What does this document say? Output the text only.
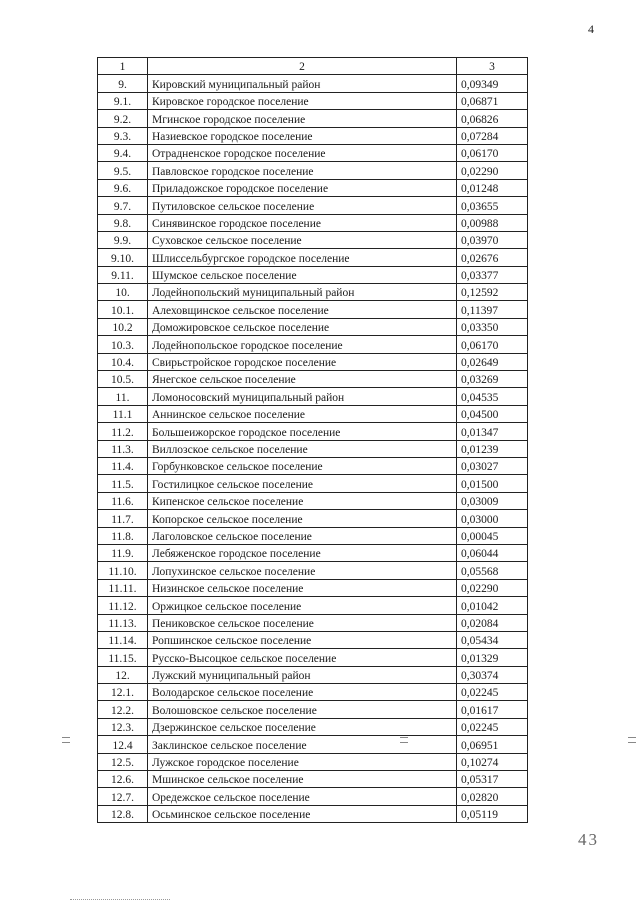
4
1	2	3
9.	Кировский муниципальный район	0,09349
9.1.	Кировское городское поселение	0,06871
9.2.	Мгинское городское поселение	0,06826
9.3.	Назиевское городское поселение	0,07284
9.4.	Отрадненское городское поселение	0,06170
9.5.	Павловское городское поселение	0,02290
9.6.	Приладожское городское поселение	0,01248
9.7.	Путиловское сельское поселение	0,03655
9.8.	Синявинское городское поселение	0,00988
9.9.	Суховское сельское поселение	0,03970
9.10.	Шлиссельбургское городское поселение	0,02676
9.11.	Шумское сельское поселение	0,03377
10.	Лодейнопольский муниципальный район	0,12592
10.1.	Алеховщинское сельское поселение	0,11397
10.2	Доможировское сельское поселение	0,03350
10.3.	Лодейнопольское городское поселение	0,06170
10.4.	Свирьстройское городское поселение	0,02649
10.5.	Янегское сельское поселение	0,03269
11.	Ломоносовский муниципальный район	0,04535
11.1	Аннинское сельское поселение	0,04500
11.2.	Большеижорское городское поселение	0,01347
11.3.	Виллозское сельское поселение	0,01239
11.4.	Горбунковское сельское поселение	0,03027
11.5.	Гостилицкое сельское поселение	0,01500
11.6.	Кипенское сельское поселение	0,03009
11.7.	Копорское сельское поселение	0,03000
11.8.	Лаголовское сельское поселение	0,00045
11.9.	Лебяженское городское поселение	0,06044
11.10.	Лопухинское сельское поселение	0,05568
11.11.	Низинское сельское поселение	0,02290
11.12.	Оржицкое сельское поселение	0,01042
11.13.	Пениковское сельское поселение	0,02084
11.14.	Ропшинское сельское поселение	0,05434
11.15.	Русско-Высоцкое сельское поселение	0,01329
12.	Лужский муниципальный район	0,30374
12.1.	Володарское сельское поселение	0,02245
12.2.	Волошовское сельское поселение	0,01617
12.3.	Дзержинское сельское поселение	0,02245
12.4	Заклинское сельское поселение	0,06951
12.5.	Лужское городское поселение	0,10274
12.6.	Мшинское сельское поселение	0,05317
12.7.	Оредежское сельское поселение	0,02820
12.8.	Осьминское сельское поселение	0,05119
43
